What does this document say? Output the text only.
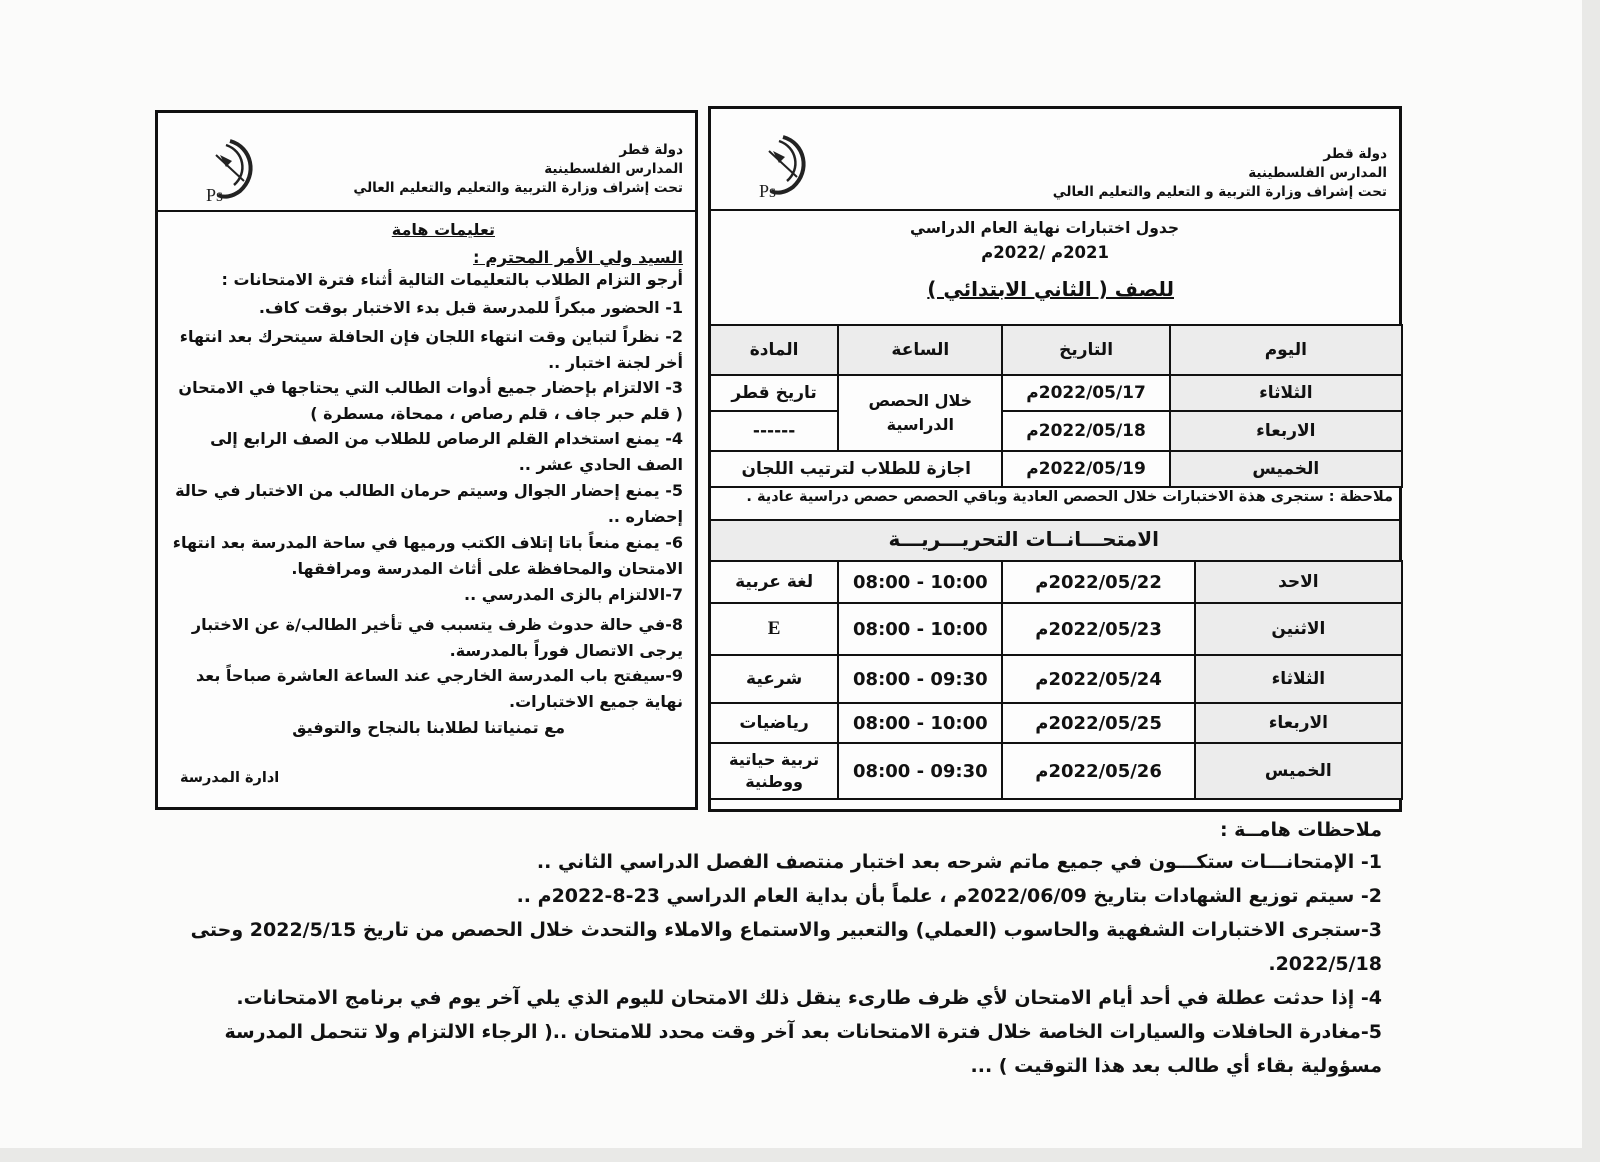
Ps
دولة قطر
المدارس الفلسطينية
تحت إشراف وزارة التربية والتعليم والتعليم العالي
تعليمات هامة
السيد ولي الأمر المحترم :
أرجو التزام الطلاب بالتعليمات التالية أثناء فترة الامتحانات :
1- الحضور مبكراً للمدرسة قبل بدء الاختبار بوقت كاف.
2- نظراً لتباين وقت انتهاء اللجان فإن الحافلة سيتحرك بعد انتهاء أخر لجنة اختبار ..
3- الالتزام بإحضار جميع أدوات الطالب التي يحتاجها في الامتحان ( قلم حبر جاف ، قلم رصاص ، ممحاة، مسطرة )
4- يمنع استخدام القلم الرصاص للطلاب من الصف الرابع إلى الصف الحادي عشر ..
5- يمنع إحضار الجوال وسيتم حرمان الطالب من الاختبار في حالة إحضاره ..
6- يمنع منعاً باتا إتلاف الكتب ورميها في ساحة المدرسة بعد انتهاء الامتحان والمحافظة على أثاث المدرسة ومرافقها.
7-الالتزام بالزى المدرسي ..
8-في حالة حدوث ظرف يتسبب في تأخير الطالب/ة عن الاختبار يرجى الاتصال فوراً بالمدرسة.
9-سيفتح باب المدرسة الخارجي عند الساعة العاشرة صباحاً بعد نهاية جميع الاختبارات.
مع تمنياتنا لطلابنا بالنجاح والتوفيق
ادارة المدرسة
Ps
دولة قطر
المدارس الفلسطينية
تحت إشراف وزارة التربية و التعليم والتعليم العالي
جدول اختبارات نهاية العام الدراسي
2021م /2022م
للصف ( الثاني الابتدائي )
اليوم	التاريخ	الساعة	المادة
الثلاثاء	2022/05/17م	خلال الحصص الدراسية	تاريخ قطر
الاربعاء	2022/05/18م		------
الخميس	2022/05/19م	اجازة للطلاب لترتيب اللجان	
ملاحظة : ستجرى هذة الاختبارات خلال الحصص العادية وباقي الحصص حصص دراسية عادية .
الامتحـــانــات التحريـــريـــة
الاحد	2022/05/22م	08:00 - 10:00	لغة عربية
الاثنين	2022/05/23م	08:00 - 10:00	E
الثلاثاء	2022/05/24م	08:00 - 09:30	شرعية
الاربعاء	2022/05/25م	08:00 - 10:00	رياضيات
الخميس	2022/05/26م	08:00 - 09:30	تربية حياتية ووطنية
ملاحظات هامــة :
1- الإمتحانـــات ستكـــون في جميع ماتم شرحه بعد اختبار منتصف الفصل الدراسي الثاني ..
2- سيتم توزيع الشهادات بتاريخ 2022/06/09م ، علماً بأن بداية العام الدراسي 23-8-2022م ..
3-ستجرى الاختبارات الشفهية والحاسوب (العملي) والتعبير والاستماع والاملاء والتحدث خلال الحصص من تاريخ 2022/5/15 وحتى 2022/5/18.
4- إذا حدثت عطلة في أحد أيام الامتحان لأي ظرف طارىء ينقل ذلك الامتحان لليوم الذي يلي آخر يوم في برنامج الامتحانات.
5-مغادرة الحافلات والسيارات الخاصة خلال فترة الامتحانات بعد آخر وقت محدد للامتحان ..( الرجاء الالتزام ولا تتحمل المدرسة مسؤولية بقاء أي طالب بعد هذا التوقيت ) ...
